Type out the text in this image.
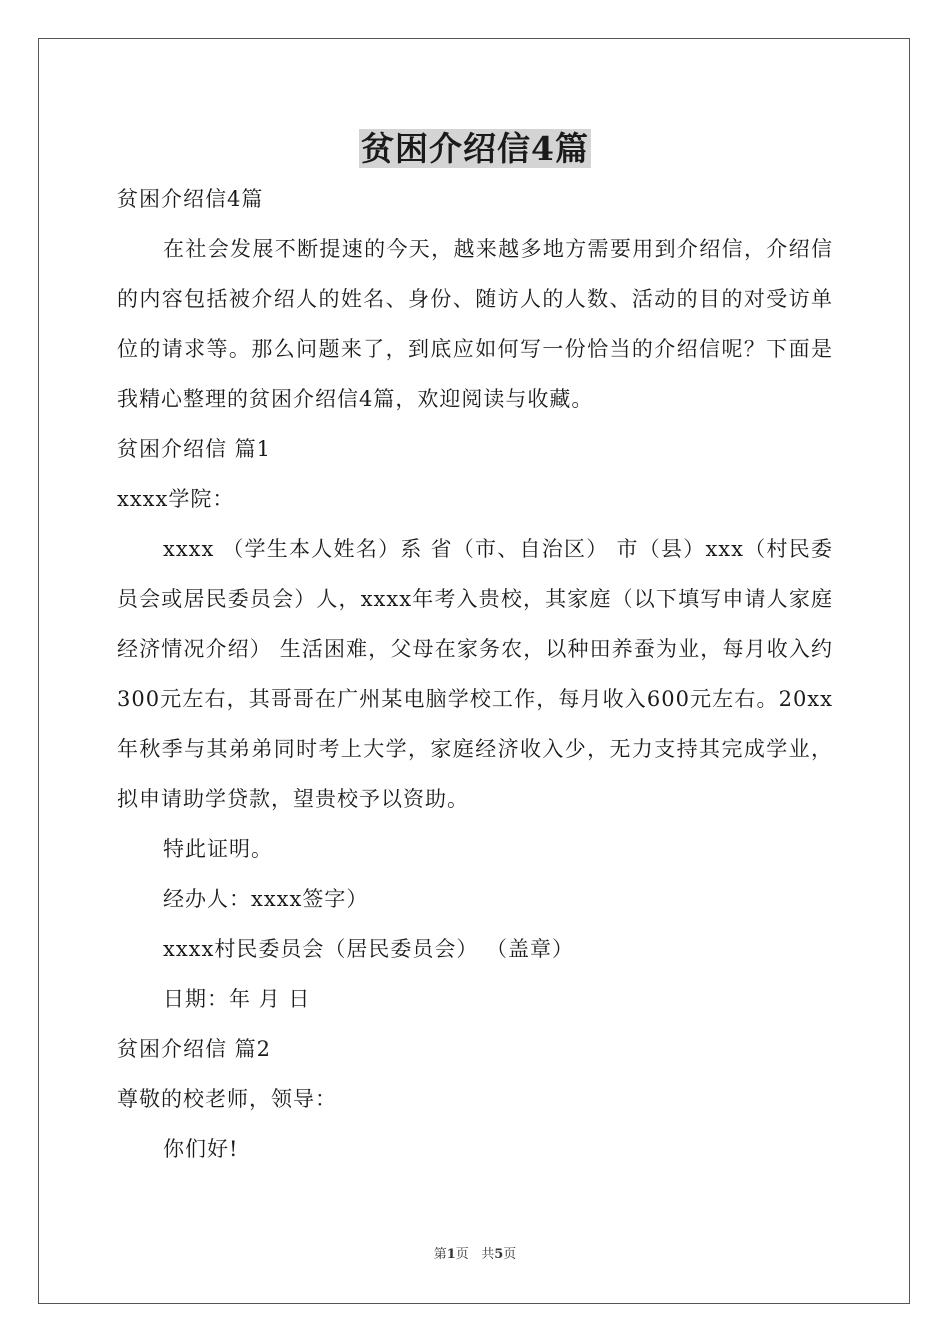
贫困介绍信4篇

贫困介绍信4篇

在社会发展不断提速的今天，越来越多地方需要用到介绍信，介绍信的内容包括被介绍人的姓名、身份、随访人的人数、活动的目的对受访单位的请求等。那么问题来了，到底应如何写一份恰当的介绍信呢？下面是我精心整理的贫困介绍信4篇，欢迎阅读与收藏。

贫困介绍信 篇1

xxxx学院：

xxxx （学生本人姓名）系 省（市、自治区） 市（县）xxx（村民委员会或居民委员会）人，xxxx年考入贵校，其家庭（以下填写申请人家庭经济情况介绍） 生活困难，父母在家务农，以种田养蚕为业，每月收入约300元左右，其哥哥在广州某电脑学校工作，每月收入600元左右。20xx年秋季与其弟弟同时考上大学，家庭经济收入少，无力支持其完成学业，拟申请助学贷款，望贵校予以资助。

特此证明。

经办人：xxxx签字）

xxxx村民委员会（居民委员会） （盖章）

日期：年 月 日

贫困介绍信 篇2

尊敬的校老师，领导：

你们好!

第1页   共5页
